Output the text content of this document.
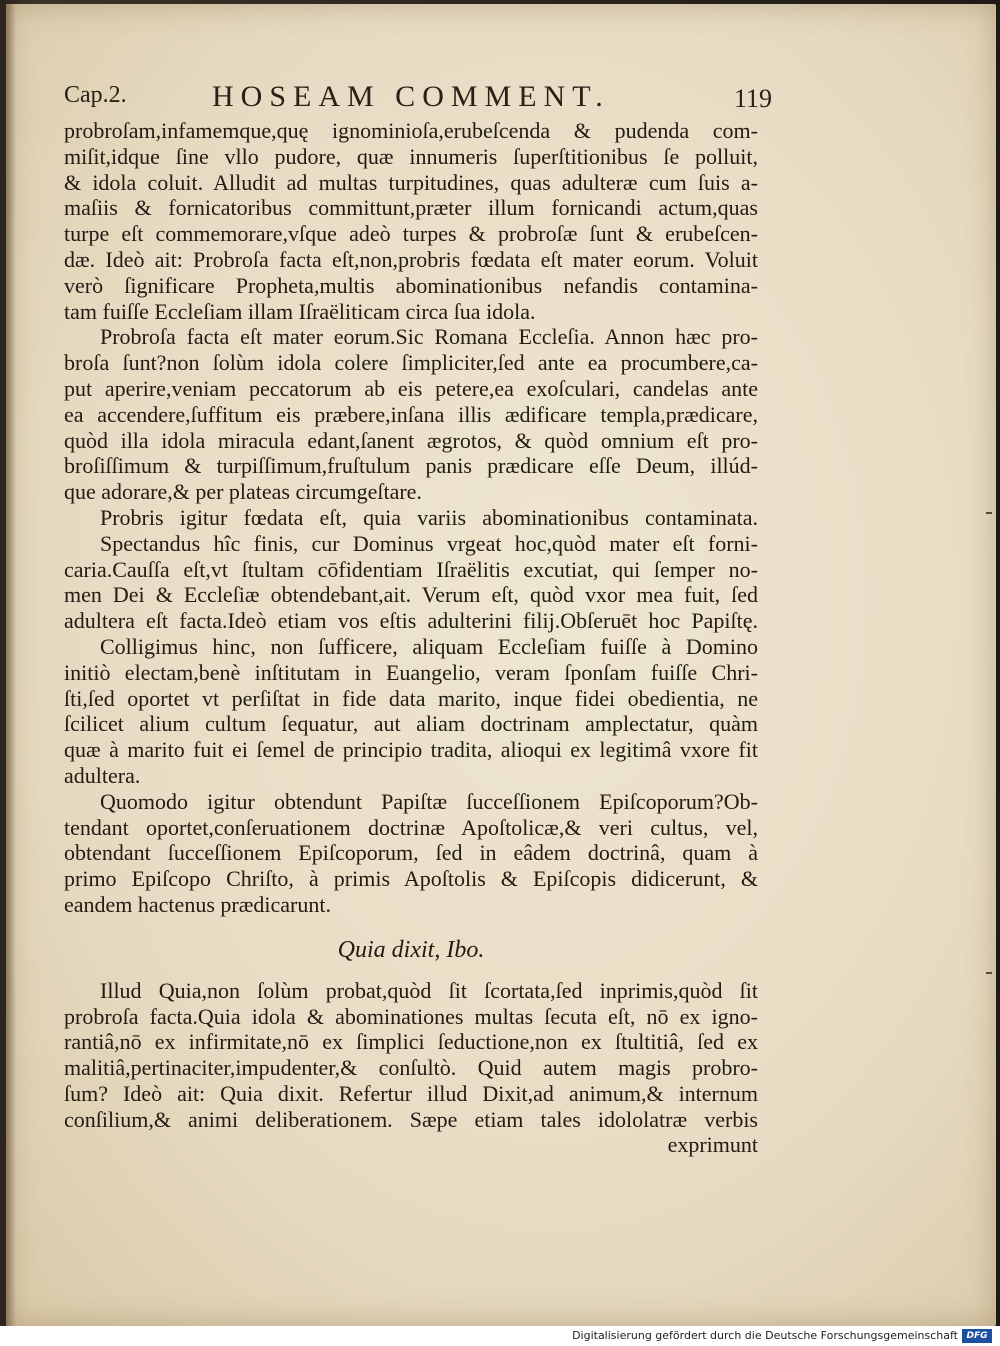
Cap.2.	HOSEAM COMMENT.	119
probroſam,infamemque,quę ignominioſa,erubeſcenda & pudenda com-
miſit,idque ſine vllo pudore, quæ innumeris ſuperſtitionibus ſe polluit,
& idola coluit. Alludit ad multas turpitudines, quas adulteræ cum ſuis a-
maſiis & fornicatoribus committunt,præter illum fornicandi actum,quas
turpe eſt commemorare,vſque adeò turpes & probroſæ ſunt & erubeſcen-
dæ. Ideò ait: Probroſa facta eſt,non,probris fœdata eſt mater eorum. Voluit
verò ſignificare Propheta,multis abominationibus nefandis contamina-
tam fuiſſe Eccleſiam illam Iſraëliticam circa ſua idola.
Probroſa facta eſt mater eorum.Sic Romana Eccleſia. Annon hæc pro-
broſa ſunt?non ſolùm idola colere ſimpliciter,ſed ante ea procumbere,ca-
put aperire,veniam peccatorum ab eis petere,ea exoſculari, candelas ante
ea accendere,ſuffitum eis præbere,inſana illis ædificare templa,prædicare,
quòd illa idola miracula edant,ſanent ægrotos, & quòd omnium eſt pro-
broſiſſimum & turpiſſimum,fruſtulum panis prædicare eſſe Deum, illúd-
que adorare,& per plateas circumgeſtare.
Probris igitur fœdata eſt, quia variis abominationibus contaminata.
Spectandus hîc finis, cur Dominus vrgeat hoc,quòd mater eſt forni-
caria.Cauſſa eſt,vt ſtultam cōfidentiam Iſraëlitis excutiat, qui ſemper no-
men Dei & Eccleſiæ obtendebant,ait. Verum eſt, quòd vxor mea fuit, ſed
adultera eſt facta.Ideò etiam vos eſtis adulterini filij.Obſeruēt hoc Papiſtę.
Colligimus hinc, non ſufficere, aliquam Eccleſiam fuiſſe à Domino
initiò electam,benè inſtitutam in Euangelio, veram ſponſam fuiſſe Chri-
ſti,ſed oportet vt perſiſtat in fide data marito, inque fidei obedientia, ne
ſcilicet alium cultum ſequatur, aut aliam doctrinam amplectatur, quàm
quæ à marito fuit ei ſemel de principio tradita, alioqui ex legitimâ vxore fit
adultera.
Quomodo igitur obtendunt Papiſtæ ſucceſſionem Epiſcoporum?Ob-
tendant oportet,conſeruationem doctrinæ Apoſtolicæ,& veri cultus, vel,
obtendant ſucceſſionem Epiſcoporum, ſed in eâdem doctrinâ, quam à
primo Epiſcopo Chriſto, à primis Apoſtolis & Epiſcopis didicerunt, &
eandem hactenus prædicarunt.
Quia dixit, Ibo.
Illud Quia,non ſolùm probat,quòd ſit ſcortata,ſed inprimis,quòd ſit
probroſa facta.Quia idola & abominationes multas ſecuta eſt, nō ex igno-
rantiâ,nō ex infirmitate,nō ex ſimplici ſeductione,non ex ſtultitiâ, ſed ex
malitiâ,pertinaciter,impudenter,& conſultò. Quid autem magis probro-
ſum? Ideò ait: Quia dixit. Refertur illud Dixit,ad animum,& internum
conſilium,& animi deliberationem. Sæpe etiam tales idololatræ verbis
exprimunt
Digitalisierung gefördert durch die Deutsche Forschungsgemeinschaft DFG
